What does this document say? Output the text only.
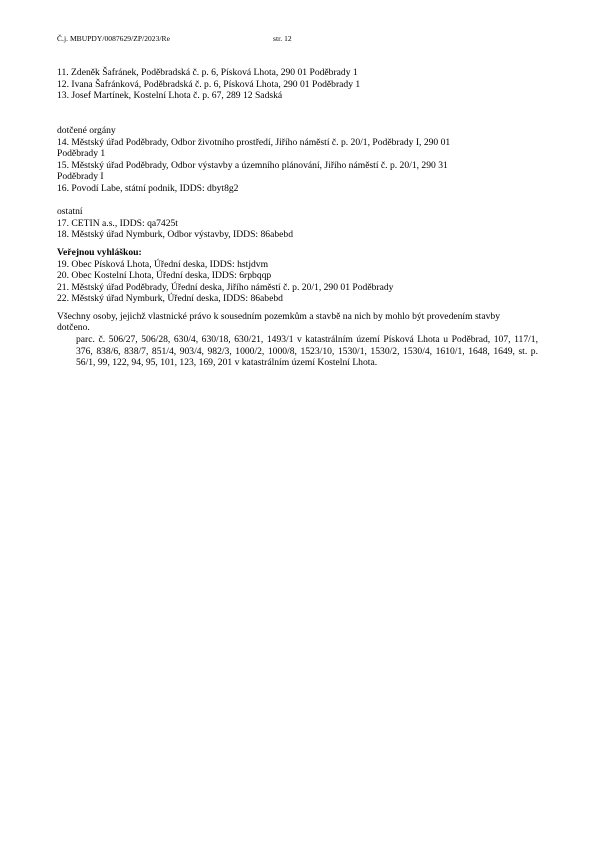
Č.j. MBUPDY/0087629/ZP/2023/Re	str. 12
11. Zdeněk Šafránek, Poděbradská č. p. 6, Písková Lhota, 290 01 Poděbrady 1
12. Ivana Šafránková, Poděbradská č. p. 6, Písková Lhota, 290 01 Poděbrady 1
13. Josef Martínek, Kostelní Lhota č. p. 67, 289 12 Sadská
dotčené orgány
14. Městský úřad Poděbrady, Odbor životního prostředí, Jiřího náměstí č. p. 20/1, Poděbrady I, 290 01
Poděbrady 1
15. Městský úřad Poděbrady, Odbor výstavby a územního plánování, Jiřího náměstí č. p. 20/1, 290 31
Poděbrady I
16. Povodí Labe, státní podnik, IDDS: dbyt8g2
ostatní
17. CETIN a.s., IDDS: qa7425t
18. Městský úřad Nymburk, Odbor výstavby, IDDS: 86abebd
Veřejnou vyhláškou:
19. Obec Písková Lhota, Úřední deska, IDDS: hstjdvm
20. Obec Kostelní Lhota, Úřední deska, IDDS: 6rpbqqp
21. Městský úřad Poděbrady, Úřední deska, Jiřího náměstí č. p. 20/1, 290 01 Poděbrady
22. Městský úřad Nymburk, Úřední deska, IDDS: 86abebd
Všechny osoby, jejichž vlastnické právo k sousedním pozemkům a stavbě na nich by mohlo být provedením stavby dotčeno.
parc. č. 506/27, 506/28, 630/4, 630/18, 630/21, 1493/1 v katastrálním území Písková Lhota u Poděbrad, 107, 117/1, 376, 838/6, 838/7, 851/4, 903/4, 982/3, 1000/2, 1000/8, 1523/10, 1530/1, 1530/2, 1530/4, 1610/1, 1648, 1649, st. p. 56/1, 99, 122, 94, 95, 101, 123, 169, 201 v katastrálním území Kostelní Lhota.
